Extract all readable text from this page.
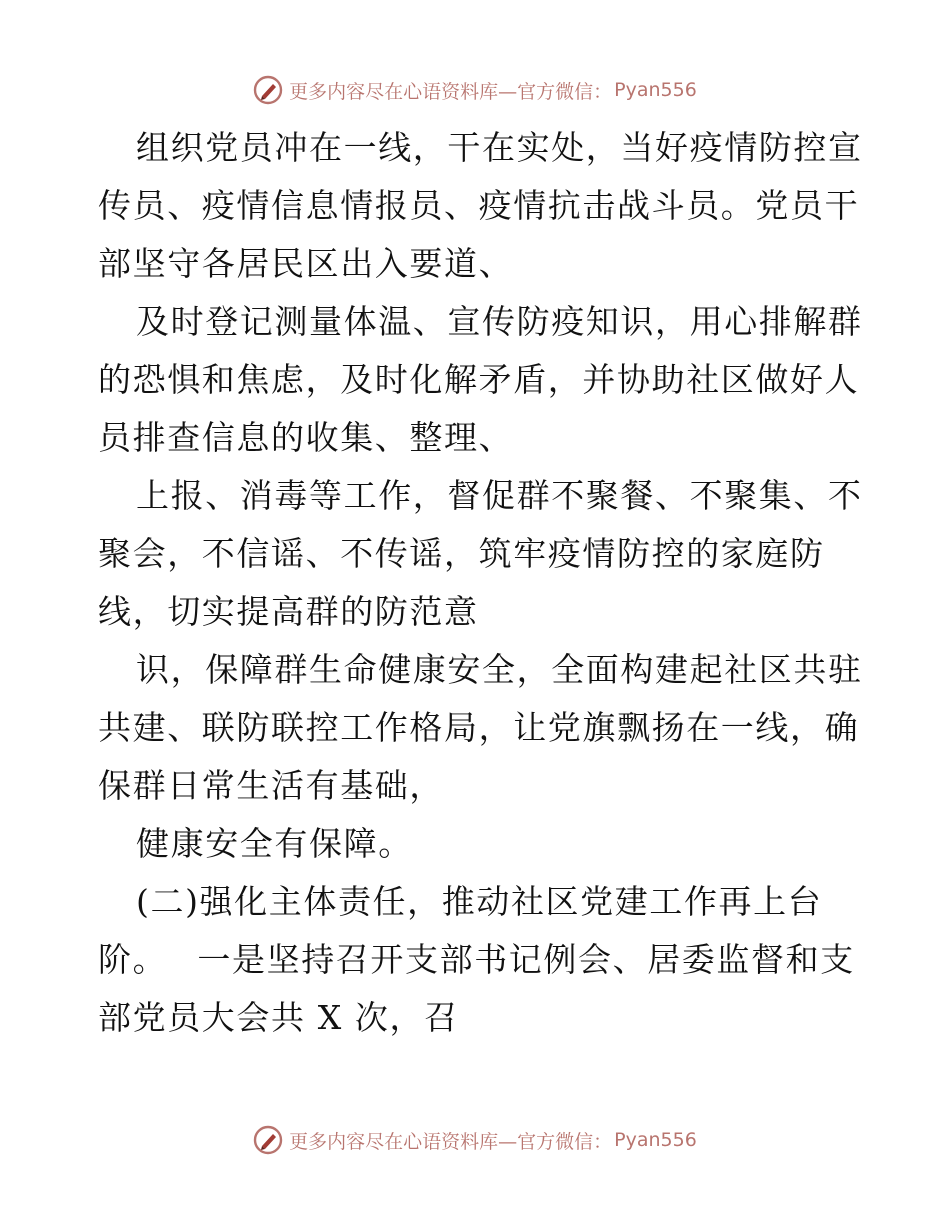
更多内容尽在心语资料库—官方微信： Pyan556
组织党员冲在一线，干在实处，当好疫情防控宣
传员、疫情信息情报员、疫情抗击战斗员。党员干
部坚守各居民区出入要道、
及时登记测量体温、宣传防疫知识，用心排解群
的恐惧和焦虑，及时化解矛盾，并协助社区做好人
员排查信息的收集、整理、
上报、消毒等工作，督促群不聚餐、不聚集、不
聚会，不信谣、不传谣，筑牢疫情防控的家庭防
线，切实提高群的防范意
识，保障群生命健康安全，全面构建起社区共驻
共建、联防联控工作格局，让党旗飘扬在一线，确
保群日常生活有基础，
健康安全有保障。
(二)强化主体责任，推动社区党建工作再上台
阶。　 一是坚持召开支部书记例会、居委监督和支
部党员大会共 X 次，召
更多内容尽在心语资料库—官方微信： Pyan556
